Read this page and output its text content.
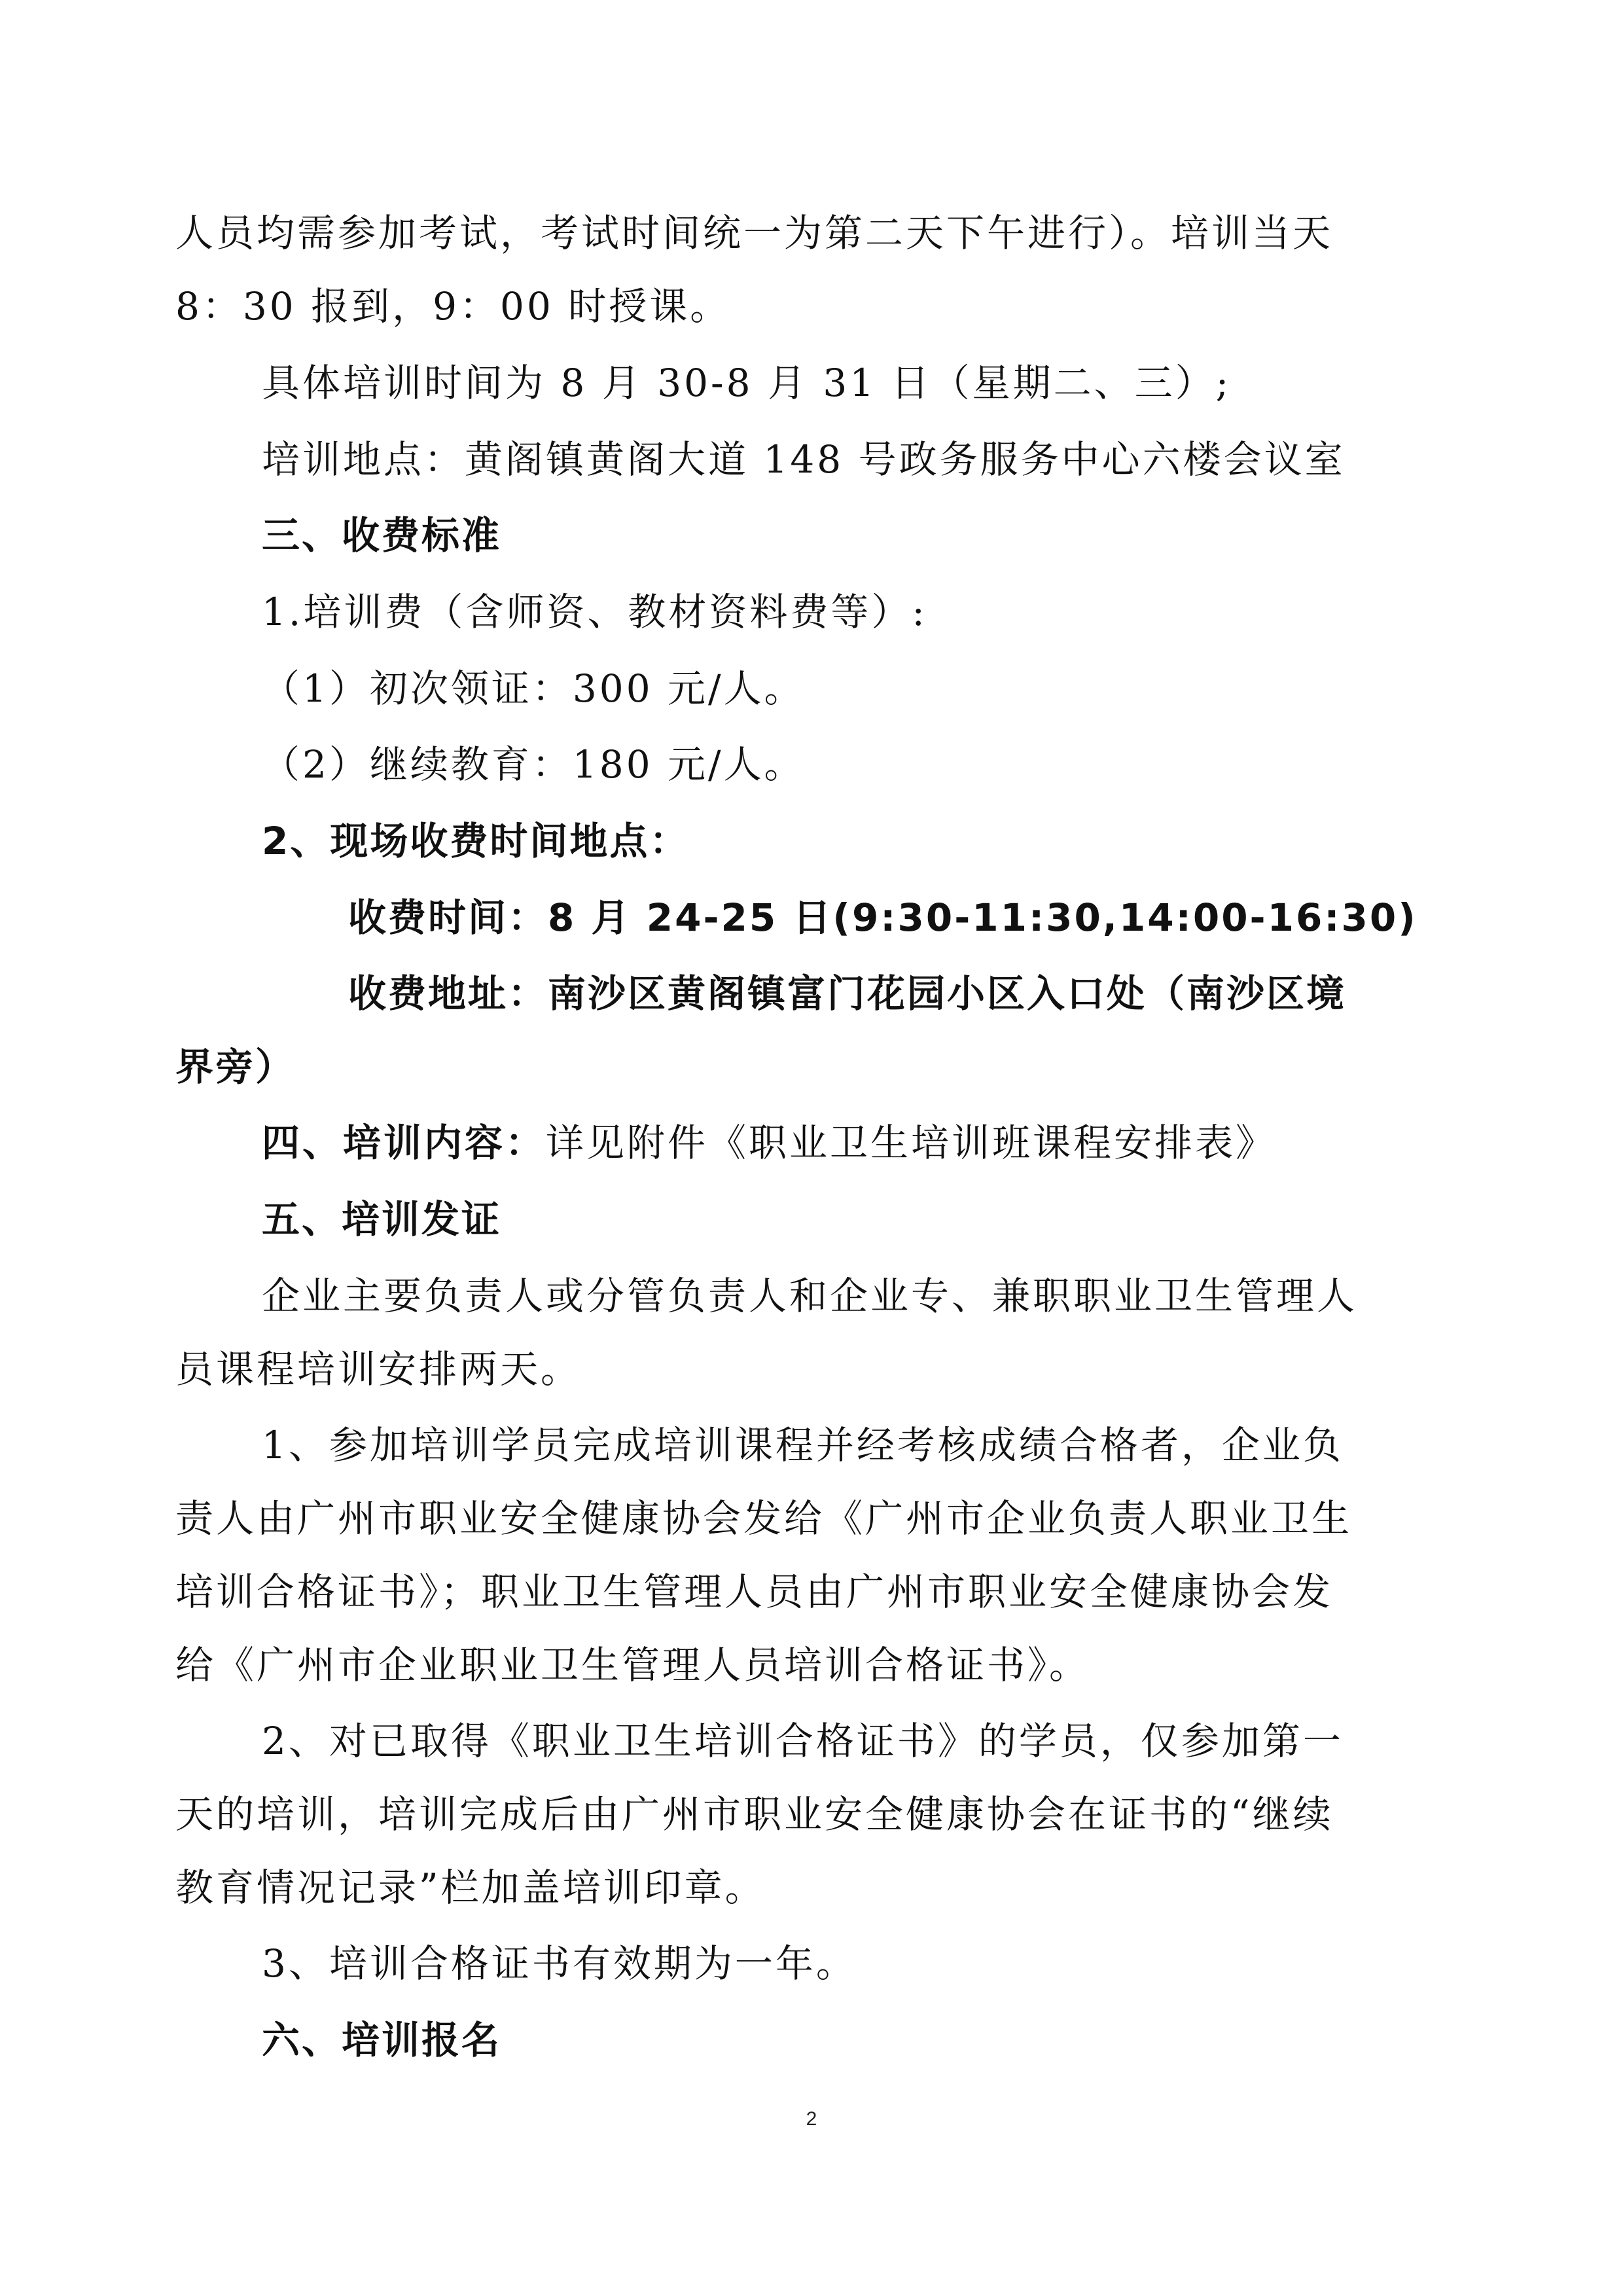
人员均需参加考试，考试时间统一为第二天下午进行）。培训当天
8：30 报到，9：00 时授课。
具体培训时间为 8 月 30-8 月 31 日（星期二、三）;
培训地点：黄阁镇黄阁大道 148 号政务服务中心六楼会议室
三、收费标准
1.培训费（含师资、教材资料费等）:
（1）初次领证：300 元/人。
（2）继续教育：180 元/人。
2、现场收费时间地点：
收费时间：8 月 24-25 日(9:30-11:30,14:00-16:30)
收费地址：南沙区黄阁镇富门花园小区入口处（南沙区境
界旁）
四、培训内容：详见附件《职业卫生培训班课程安排表》
五、培训发证
企业主要负责人或分管负责人和企业专、兼职职业卫生管理人
员课程培训安排两天。
1、参加培训学员完成培训课程并经考核成绩合格者，企业负
责人由广州市职业安全健康协会发给《广州市企业负责人职业卫生
培训合格证书》；职业卫生管理人员由广州市职业安全健康协会发
给《广州市企业职业卫生管理人员培训合格证书》。
2、对已取得《职业卫生培训合格证书》的学员，仅参加第一
天的培训，培训完成后由广州市职业安全健康协会在证书的“继续
教育情况记录”栏加盖培训印章。
3、培训合格证书有效期为一年。
六、培训报名
2
